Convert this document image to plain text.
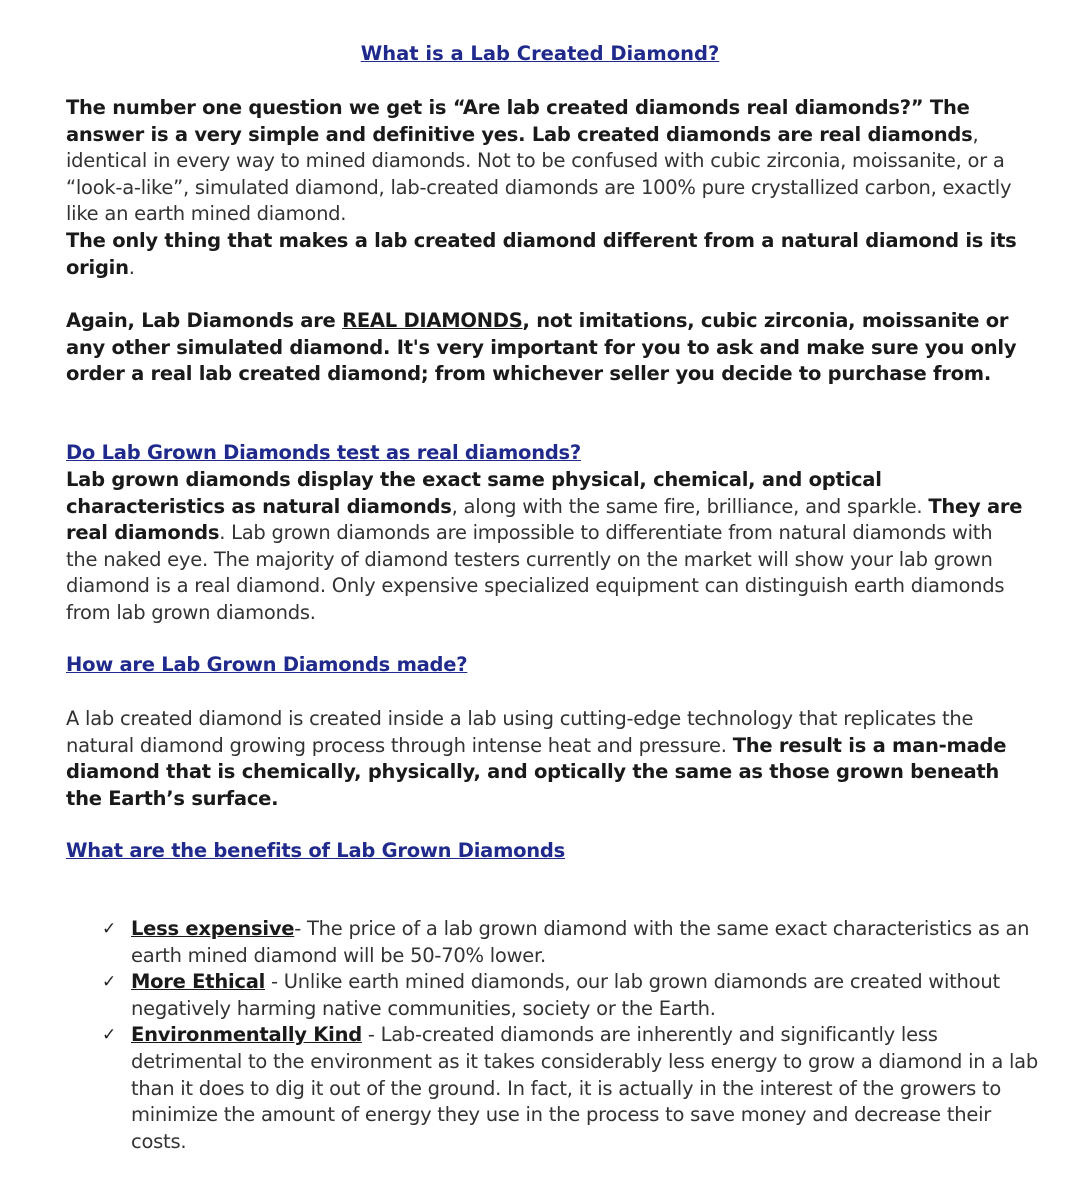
What is a Lab Created Diamond?
The number one question we get is “Are lab created diamonds real diamonds?” The answer is a very simple and definitive yes. Lab created diamonds are real diamonds, identical in every way to mined diamonds. Not to be confused with cubic zirconia, moissanite, or a “look-a-like”, simulated diamond, lab-created diamonds are 100% pure crystallized carbon, exactly like an earth mined diamond.
The only thing that makes a lab created diamond different from a natural diamond is its origin.
Again, Lab Diamonds are REAL DIAMONDS, not imitations, cubic zirconia, moissanite or any other simulated diamond. It's very important for you to ask and make sure you only order a real lab created diamond; from whichever seller you decide to purchase from.
Do Lab Grown Diamonds test as real diamonds?
Lab grown diamonds display the exact same physical, chemical, and optical characteristics as natural diamonds, along with the same fire, brilliance, and sparkle. They are real diamonds. Lab grown diamonds are impossible to differentiate from natural diamonds with the naked eye. The majority of diamond testers currently on the market will show your lab grown diamond is a real diamond. Only expensive specialized equipment can distinguish earth diamonds from lab grown diamonds.
How are Lab Grown Diamonds made?
A lab created diamond is created inside a lab using cutting-edge technology that replicates the natural diamond growing process through intense heat and pressure. The result is a man-made diamond that is chemically, physically, and optically the same as those grown beneath the Earth’s surface.
What are the benefits of Lab Grown Diamonds
✓ Less expensive- The price of a lab grown diamond with the same exact characteristics as an earth mined diamond will be 50-70% lower.
✓ More Ethical - Unlike earth mined diamonds, our lab grown diamonds are created without negatively harming native communities, society or the Earth.
✓ Environmentally Kind - Lab-created diamonds are inherently and significantly less detrimental to the environment as it takes considerably less energy to grow a diamond in a lab than it does to dig it out of the ground. In fact, it is actually in the interest of the growers to minimize the amount of energy they use in the process to save money and decrease their costs.
